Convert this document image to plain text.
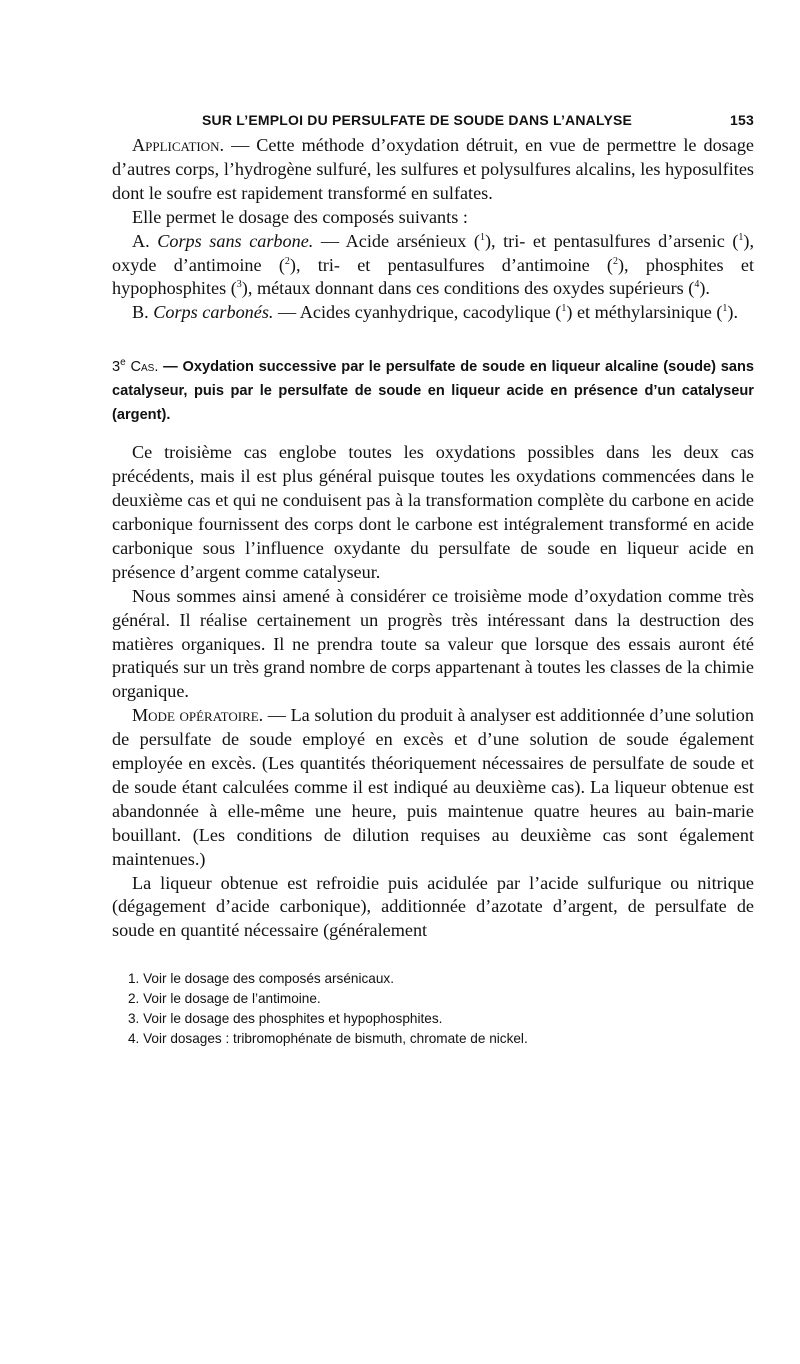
SUR L’EMPLOI DU PERSULFATE DE SOUDE DANS L’ANALYSE	153

Application. — Cette méthode d’oxydation détruit, en vue de permettre le dosage d’autres corps, l’hydrogène sulfuré, les sulfures et polysulfures alcalins, les hyposulfites dont le soufre est rapidement transformé en sulfates.

Elle permet le dosage des composés suivants :

A. Corps sans carbone. — Acide arsénieux ($^1$), tri- et pentasulfures d’arsenic ($^1$), oxyde d’antimoine ($^2$), tri- et pentasulfures d’antimoine ($^2$), phosphites et hypophosphites ($^3$), métaux donnant dans ces conditions des oxydes supérieurs ($^4$).

B. Corps carbonés. — Acides cyanhydrique, cacodylique ($^1$) et méthylarsinique ($^1$).

3e Cas. — Oxydation successive par le persulfate de soude en liqueur alcaline (soude) sans catalyseur, puis par le persulfate de soude en liqueur acide en présence d’un catalyseur (argent).

Ce troisième cas englobe toutes les oxydations possibles dans les deux cas précédents, mais il est plus général puisque toutes les oxydations commencées dans le deuxième cas et qui ne conduisent pas à la transformation complète du carbone en acide carbonique fournissent des corps dont le carbone est intégralement transformé en acide carbonique sous l’influence oxydante du persulfate de soude en liqueur acide en présence d’argent comme catalyseur.

Nous sommes ainsi amené à considérer ce troisième mode d’oxydation comme très général. Il réalise certainement un progrès très intéressant dans la destruction des matières organiques. Il ne prendra toute sa valeur que lorsque des essais auront été pratiqués sur un très grand nombre de corps appartenant à toutes les classes de la chimie organique.

Mode opératoire. — La solution du produit à analyser est additionnée d’une solution de persulfate de soude employé en excès et d’une solution de soude également employée en excès. (Les quantités théoriquement nécessaires de persulfate de soude et de soude étant calculées comme il est indiqué au deuxième cas). La liqueur obtenue est abandonnée à elle-même une heure, puis maintenue quatre heures au bain-marie bouillant. (Les conditions de dilution requises au deuxième cas sont également maintenues.)

La liqueur obtenue est refroidie puis acidulée par l’acide sulfurique ou nitrique (dégagement d’acide carbonique), additionnée d’azotate d’argent, de persulfate de soude en quantité nécessaire (généralement

1. Voir le dosage des composés arsénicaux.
2. Voir le dosage de l’antimoine.
3. Voir le dosage des phosphites et hypophosphites.
4. Voir dosages : tribromophénate de bismuth, chromate de nickel.
